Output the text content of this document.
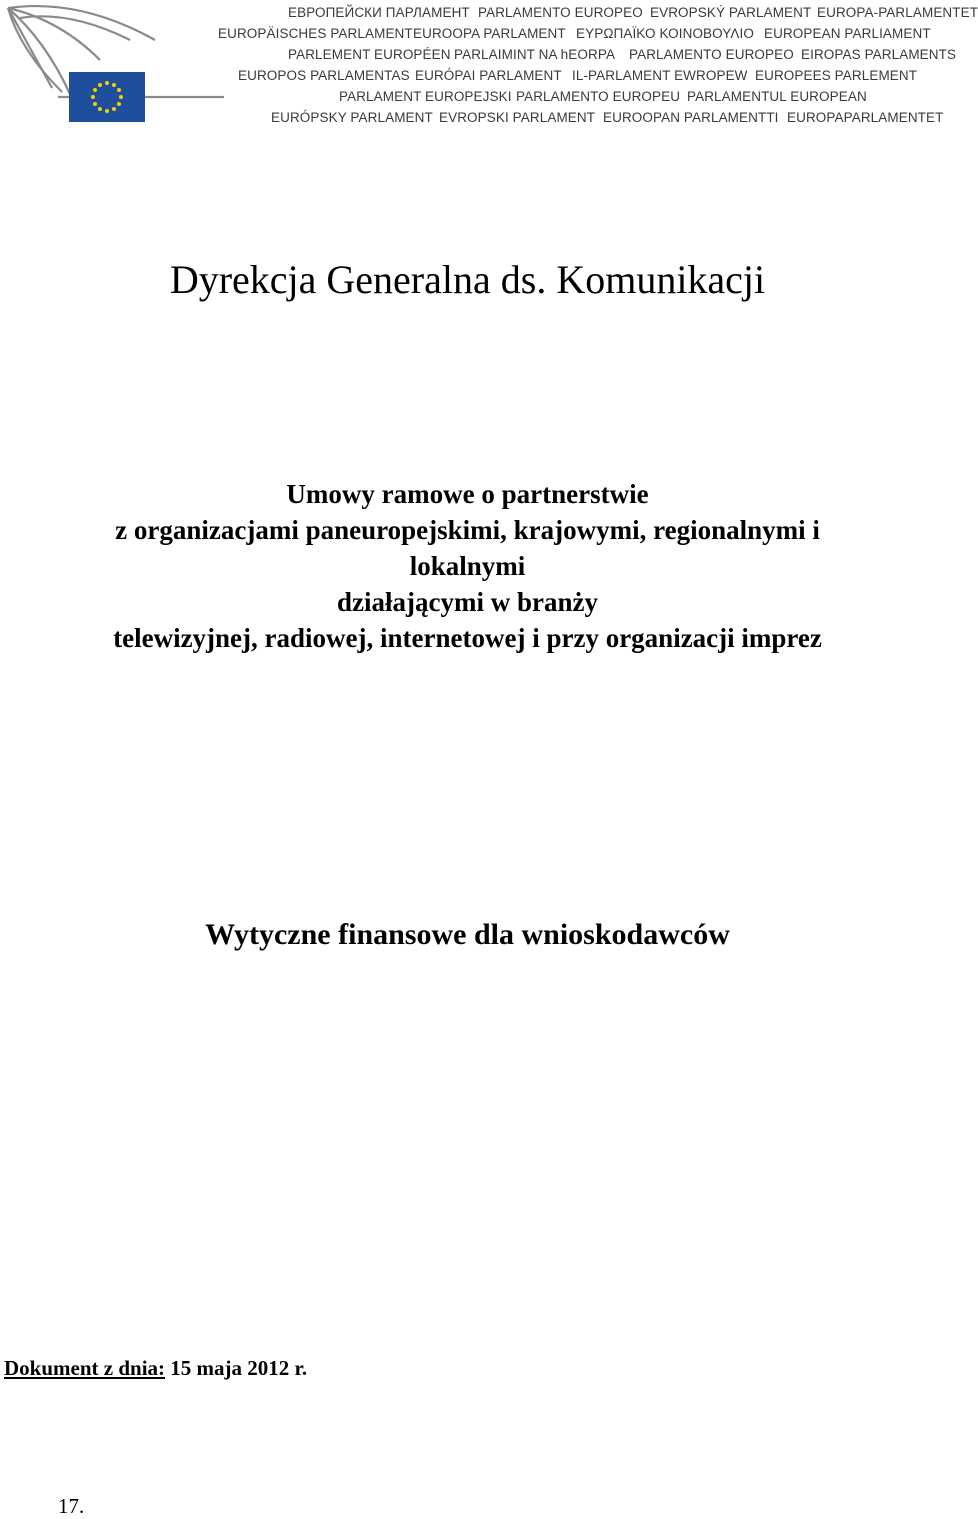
ЕВРОПЕЙСКИ ПАРЛАМЕНТ PARLAMENTO EUROPEO EVROPSKÝ PARLAMENT EUROPA-PARLAMENTET
EUROPÄISCHES PARLAMENT EUROOPA PARLAMENT ΕΥΡΩΠΑΪΚΟ ΚΟΙΝΟΒΟΥΛΙΟ EUROPEAN PARLIAMENT
PARLEMENT EUROPÉEN PARLAIMINT NA hEORPA PARLAMENTO EUROPEO EIROPAS PARLAMENTS
EUROPOS PARLAMENTAS EURÓPAI PARLAMENT IL-PARLAMENT EWROPEW EUROPEES PARLEMENT
PARLAMENT EUROPEJSKI PARLAMENTO EUROPEU PARLAMENTUL EUROPEAN
EURÓPSKY PARLAMENT EVROPSKI PARLAMENT EUROOPAN PARLAMENTTI EUROPAPARLAMENTET
Dyrekcja Generalna ds. Komunikacji
Umowy ramowe o partnerstwie
z organizacjami paneuropejskimi, krajowymi, regionalnymi i
lokalnymi
działającymi w branży
telewizyjnej, radiowej, internetowej i przy organizacji imprez
Wytyczne finansowe dla wnioskodawców
Dokument z dnia: 15 maja 2012 r.
17.
